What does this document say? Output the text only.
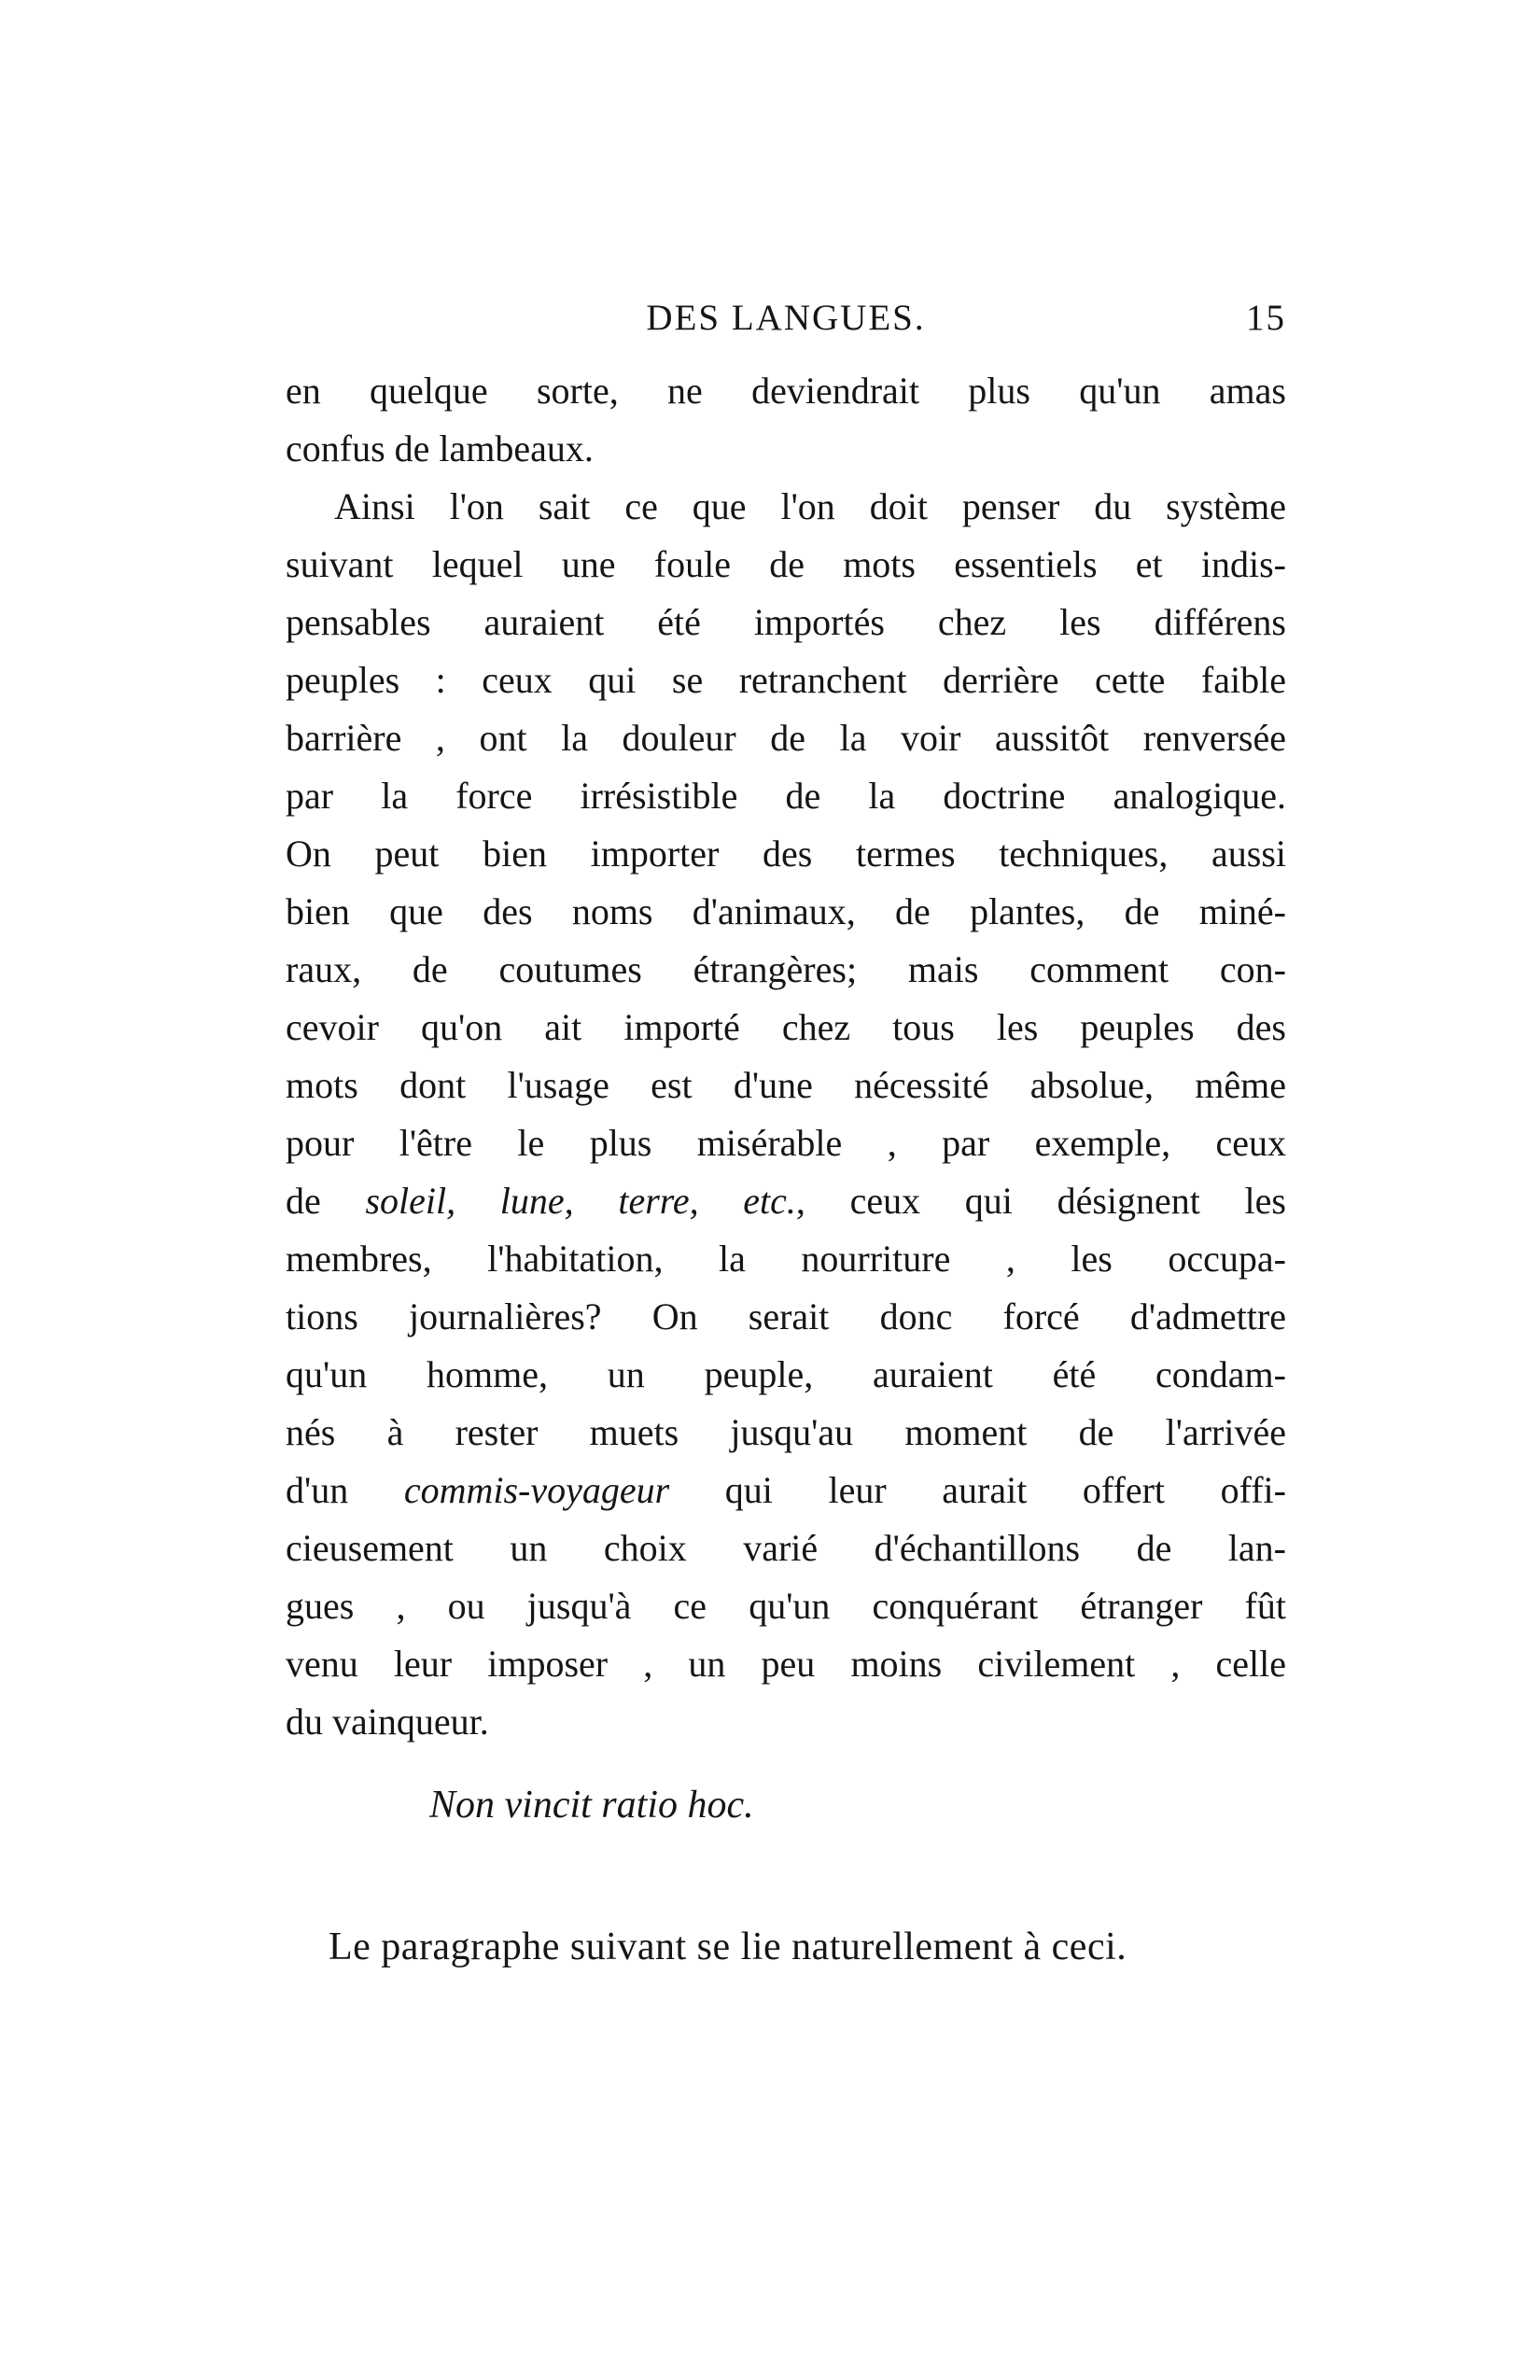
DES LANGUES.	15
en quelque sorte, ne deviendrait plus qu'un amas
confus de lambeaux.
Ainsi l'on sait ce que l'on doit penser du système
suivant lequel une foule de mots essentiels et indis-
pensables auraient été importés chez les différens
peuples : ceux qui se retranchent derrière cette faible
barrière , ont la douleur de la voir aussitôt renversée
par la force irrésistible de la doctrine analogique.
On peut bien importer des termes techniques, aussi
bien que des noms d'animaux, de plantes, de miné-
raux, de coutumes étrangères; mais comment con-
cevoir qu'on ait importé chez tous les peuples des
mots dont l'usage est d'une nécessité absolue, même
pour l'être le plus misérable , par exemple, ceux
de soleil, lune, terre, etc., ceux qui désignent les
membres, l'habitation, la nourriture , les occupa-
tions journalières? On serait donc forcé d'admettre
qu'un homme, un peuple, auraient été condam-
nés à rester muets jusqu'au moment de l'arrivée
d'un commis-voyageur qui leur aurait offert offi-
cieusement un choix varié d'échantillons de lan-
gues , ou jusqu'à ce qu'un conquérant étranger fût
venu leur imposer , un peu moins civilement , celle
du vainqueur.
Non vincit ratio hoc.
Le paragraphe suivant se lie naturellement à ceci.
